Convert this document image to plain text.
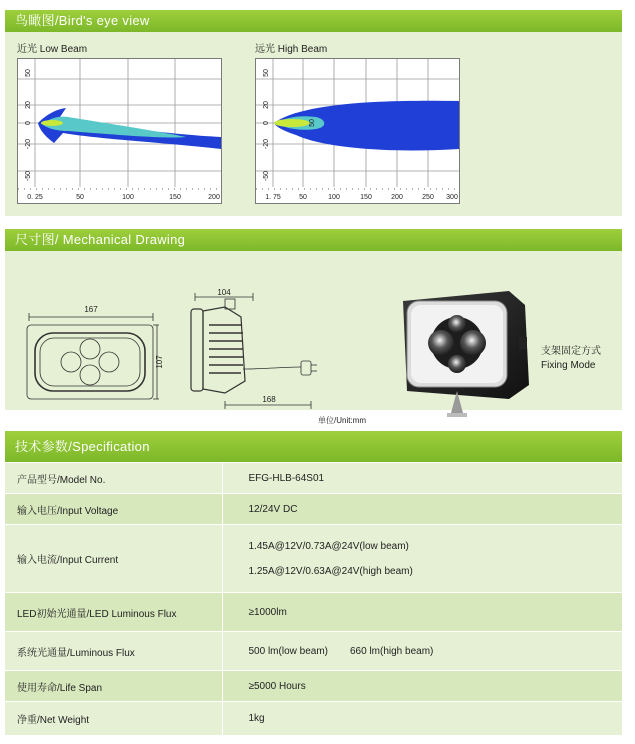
鸟瞰图/Bird's eye view
近光 Low Beam
50
20
0
-20
-50
0. 25	50	100	150	200
远光 High Beam
50
50
20
0
-20
-50
1. 75	50	100	150	200	250 300
尺寸图/ Mechanical Drawing
167
107
104
168
单位/Unit:mm
支架固定方式
Fixing Mode
技术参数/Specification
产品型号/Model No.	EFG-HLB-64S01
输入电压/Input Voltage	12/24V DC
输入电流/Input Current	1.45A@12V/0.73A@24V(low beam)
1.25A@12V/0.63A@24V(high beam)

LED初始光通量/LED Luminous Flux	≥1000lm
系统光通量/Luminous Flux	500 lm(low beam) 660 lm(high beam)
使用寿命/Life Span	≥5000 Hours
净重/Net Weight	1kg
